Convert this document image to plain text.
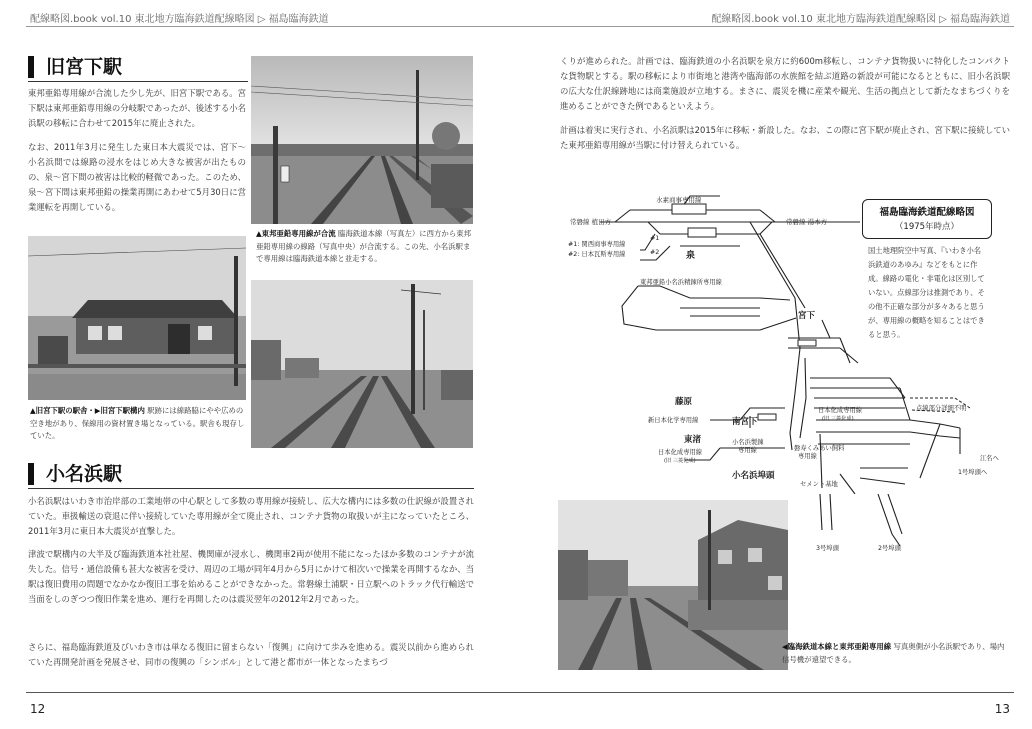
配線略図.book vol.10 東北地方臨海鉄道配線略図 ▷ 福島臨海鉄道	配線略図.book vol.10 東北地方臨海鉄道配線略図 ▷ 福島臨海鉄道
12	13
旧宮下駅

東邦亜鉛専用線が合流した少し先が、旧宮下駅である。宮下駅は東邦亜鉛専用線の分岐駅であったが、後述する小名浜駅の移転に合わせて2015年に廃止された。

なお、2011年3月に発生した東日本大震災では、宮下～小名浜間では線路の浸水をはじめ大きな被害が出たものの、泉～宮下間の被害は比較的軽微であった。このため、泉～宮下間は東邦亜鉛の操業再開にあわせて5月30日に営業運転を再開している。

▲東邦亜鉛専用線が合流 臨海鉄道本線（写真左）に西方から東邦亜鉛専用線の線路（写真中央）が合流する。この先、小名浜駅まで専用線は臨海鉄道本線と並走する。
▲旧宮下駅の駅舎・▶旧宮下駅構内 駅跡には線路脇にやや広めの空き地があり、保線用の資材置き場となっている。駅舎も現存していた。
小名浜駅

小名浜駅はいわき市治岸部の工業地帯の中心駅として多数の専用線が接続し、広大な構内には多数の仕訳線が設置されていた。車扱輸送の衰退に伴い接続していた専用線が全て廃止され、コンテナ貨物の取扱いが主になっていたところ、2011年3月に東日本大震災が直撃した。

津波で駅構内の大半及び臨海鉄道本社社屋、機関庫が浸水し、機関車2両が使用不能になったほか多数のコンテナが流失した。信号・通信設備も甚大な被害を受け、周辺の工場が同年4月から5月にかけて相次いで操業を再開するなか、当駅は復旧費用の問題でなかなか復旧工事を始めることができなかった。常磐線土浦駅・日立駅へのトラック代行輸送で当面をしのぎつつ復旧作業を進め、運行を再開したのは震災翌年の2012年2月であった。

さらに、福島臨海鉄道及びいわき市は単なる復旧に留まらない「復興」に向けて歩みを進める。震災以前から進められていた再開発計画を発展させ、同市の復興の「シンボル」として港と都市が一体となったまちづ

くりが進められた。計画では、臨海鉄道の小名浜駅を泉方に約600m移転し、コンテナ貨物扱いに特化したコンパクトな貨物駅とする。駅の移転により市街地と港湾や臨海部の水族館を結ぶ道路の新設が可能になるとともに、旧小名浜駅の広大な仕訳線跡地には商業施設が立地する。まさに、震災を機に産業や観光、生活の拠点として新たなまちづくりを進めることができた例であるといえよう。

計画は着実に実行され、小名浜駅は2015年に移転・新設した。なお、この際に宮下駅が廃止され、宮下駅に接続していた東邦亜鉛専用線が当駅に付け替えられている。

水素商事専用線
常磐線 植田方	常磐線 湯本方
#1: 関西商事専用線
#2: 日本瓦斯専用線
#1
#2	泉
東邦亜鉛小名浜精錬所専用線
宮下
藤原
新日本化学専用線	南宮下
日本化成専用線
(旧 三菱化成)
点線部分詳細不明
東渚
日本化成専用線
(旧 三菱化成)
小名浜製錬
専用線	磐寿くみあい飼料
専用線	江名へ
1号埠頭へ
小名浜埠頭
セメント基地
3号埠頭	2号埠頭
福島臨海鉄道配線略図
（1975年時点）

国土地理院空中写真、『いわき小名浜鉄道のあゆみ』などをもとに作成。線路の電化・非電化は区別していない。点線部分は推測であり、その他不正確な部分が多々あると思うが、専用線の概略を知ることはできると思う。

◀臨海鉄道本線と東邦亜鉛専用線 写真奥側が小名浜駅であり、場内信号機が遠望できる。
